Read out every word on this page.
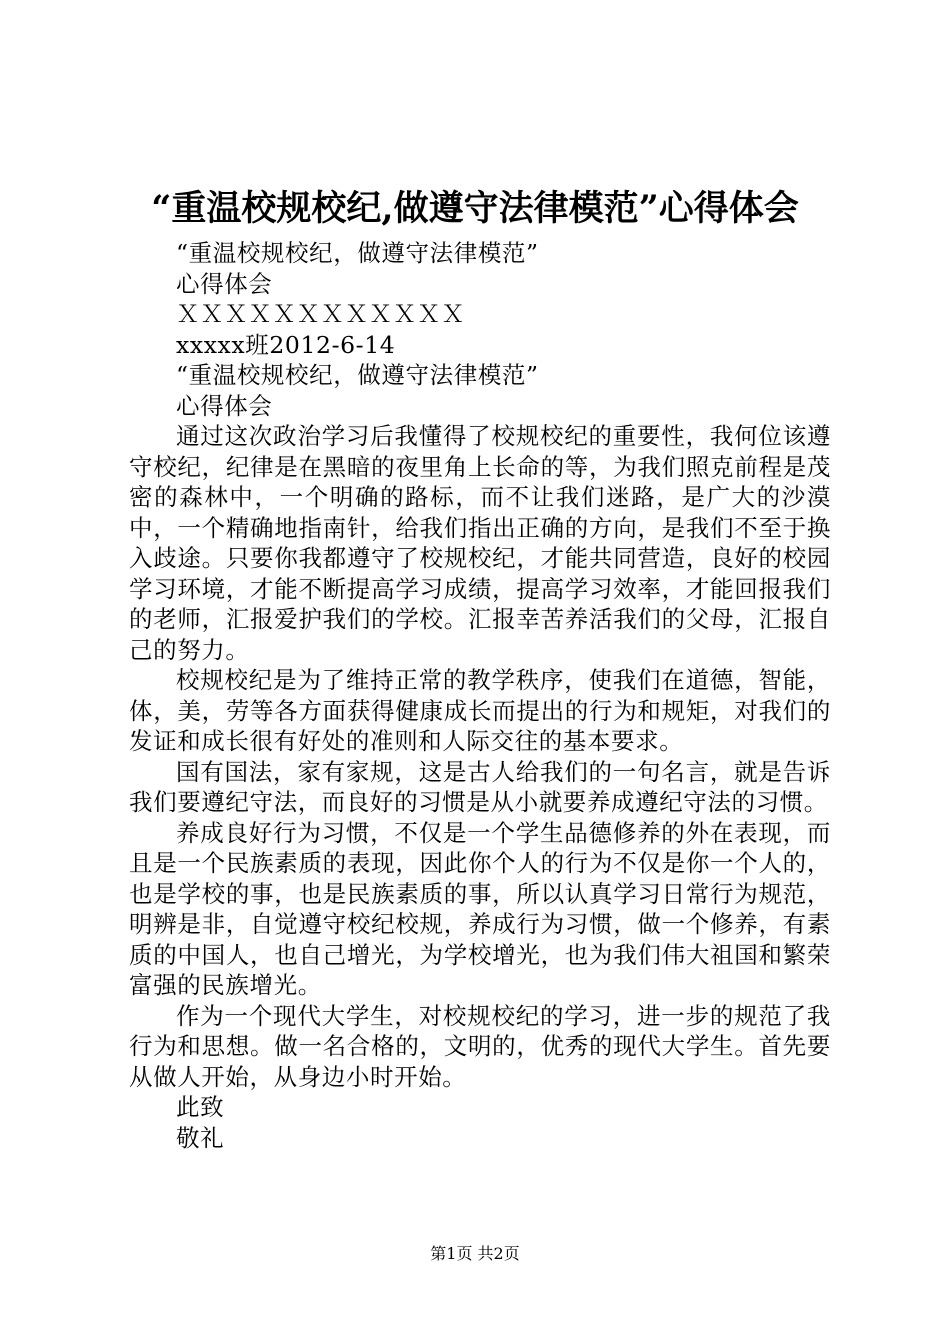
“重温校规校纪,做遵守法律模范”心得体会

“重温校规校纪，做遵守法律模范”

心得体会

ＸＸＸＸＸＸＸＸＸＸＸＸ

xxxxx班2012-6-14

“重温校规校纪，做遵守法律模范”

心得体会

通过这次政治学习后我懂得了校规校纪的重要性，我何位该遵守校纪，纪律是在黑暗的夜里角上长命的等，为我们照克前程是茂密的森林中，一个明确的路标，而不让我们迷路，是广大的沙漠中，一个精确地指南针，给我们指出正确的方向，是我们不至于换入歧途。只要你我都遵守了校规校纪，才能共同营造，良好的校园学习环境，才能不断提高学习成绩，提高学习效率，才能回报我们的老师，汇报爱护我们的学校。汇报幸苦养活我们的父母，汇报自己的努力。

校规校纪是为了维持正常的教学秩序，使我们在道德，智能，体，美，劳等各方面获得健康成长而提出的行为和规矩，对我们的发证和成长很有好处的准则和人际交往的基本要求。

国有国法，家有家规，这是古人给我们的一句名言，就是告诉我们要遵纪守法，而良好的习惯是从小就要养成遵纪守法的习惯。

养成良好行为习惯，不仅是一个学生品德修养的外在表现，而且是一个民族素质的表现，因此你个人的行为不仅是你一个人的，也是学校的事，也是民族素质的事，所以认真学习日常行为规范，明辨是非，自觉遵守校纪校规，养成行为习惯，做一个修养，有素质的中国人，也自己增光，为学校增光，也为我们伟大祖国和繁荣富强的民族增光。

作为一个现代大学生，对校规校纪的学习，进一步的规范了我行为和思想。做一名合格的，文明的，优秀的现代大学生。首先要从做人开始，从身边小时开始。

此致

敬礼

第1页 共2页
